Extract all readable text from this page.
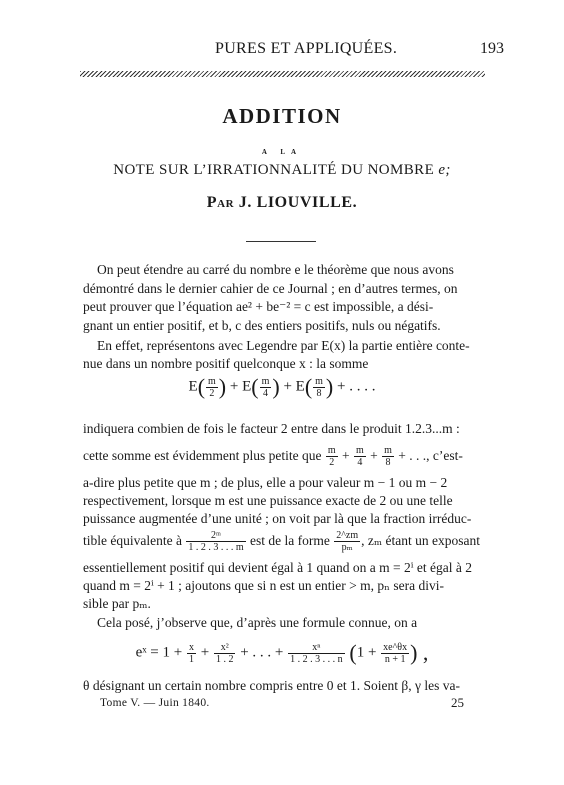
PURES ET APPLIQUÉES.	193
ADDITION
A LA
NOTE SUR L’IRRATIONNALITÉ DU NOMBRE e;
Par J. LIOUVILLE.
On peut étendre au carré du nombre e le théorème que nous avons
démontré dans le dernier cahier de ce Journal ; en d’autres termes, on
peut prouver que l’équation ae² + be⁻² = c est impossible, a dési-
gnant un entier positif, et b, c des entiers positifs, nuls ou négatifs.
En effet, représentons avec Legendre par E(x) la partie entière conte-
nue dans un nombre positif quelconque x : la somme
$E( \frac{m}{2}$ ) + $E( \frac{m}{4}$ ) + $E( \frac{m}{8}$ ) + . . . .
indiquera combien de fois le facteur 2 entre dans le produit 1.2.3...m :
cette somme est évidemment plus petite que $\frac{m}{2} + \frac{m}{4} + \frac{m}{8}$ + . . ., c’est-
a-dire plus petite que m ; de plus, elle a pour valeur m − 1 ou m − 2
respectivement, lorsque m est une puissance exacte de 2 ou une telle
puissance augmentée d’une unité ; on voit par là que la fraction irréduc-
tible équivalente à $\frac{\text{2ᵐ}}{1 . 2 . 3 . . . m}$ est de la forme $\frac{2\^{}zm}{\text{pₘ}}$ , zₘ étant un exposant
essentiellement positif qui devient égal à 1 quand on a m = 2ⁱ et égal à 2
quand m = 2ⁱ + 1 ; ajoutons que si n est un entier > m, pₙ sera divi-
sible par pₘ.
Cela posé, j’observe que, d’après une formule connue, on a
eˣ = $1 + \frac{x}{1} + \frac{\text{x²}}{1 . 2}$ + . . . + $\frac{\text{xⁿ}}{1 . 2 . 3 . . . n} (1 + \frac{xe\^{}\theta x}{n + 1}$ ) ,
θ désignant un certain nombre compris entre 0 et 1. Soient β, γ les va-
Tome V. — Juin 1840.	25
